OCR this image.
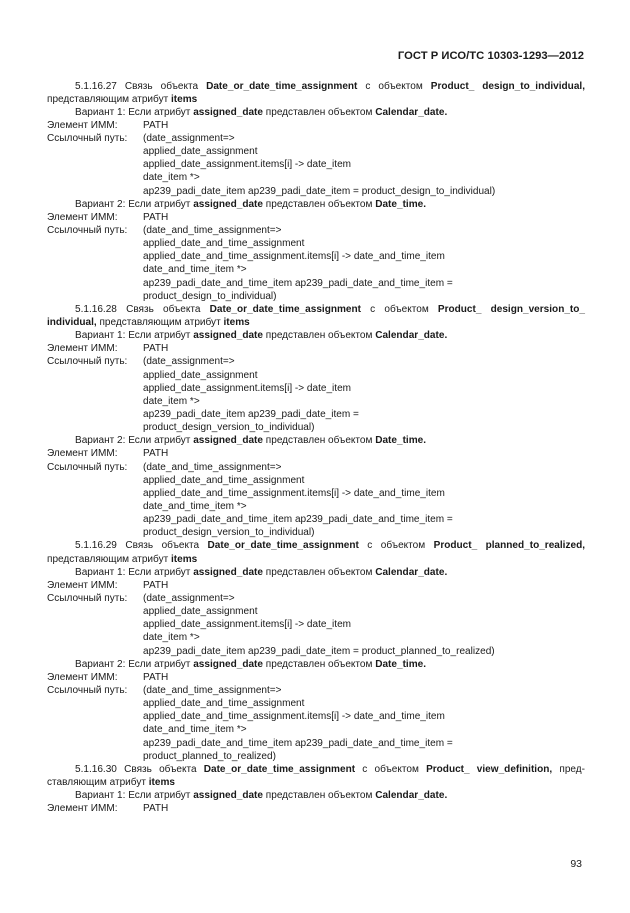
ГОСТ Р ИСО/ТС 10303-1293—2012
5.1.16.27 Связь объекта Date_or_date_time_assignment с объектом Product_ design_to_individual,
представляющим атрибут items
Вариант 1: Если атрибут assigned_date представлен объектом Calendar_date.
Элемент ИММ:	PATH
Ссылочный путь: (date_assignment=>
applied_date_assignment
applied_date_assignment.items[i] -> date_item
date_item *>
ap239_padi_date_item ap239_padi_date_item = product_design_to_individual)
Вариант 2: Если атрибут assigned_date представлен объектом Date_time.
Элемент ИММ:	PATH
Ссылочный путь: (date_and_time_assignment=>
applied_date_and_time_assignment
applied_date_and_time_assignment.items[i] -> date_and_time_item
date_and_time_item *>
ap239_padi_date_and_time_item ap239_padi_date_and_time_item =
product_design_to_individual)
5.1.16.28 Связь объекта Date_or_date_time_assignment с объектом Product_ design_version_to_
individual, представляющим атрибут items
Вариант 1: Если атрибут assigned_date представлен объектом Calendar_date.
Элемент ИММ:	PATH
Ссылочный путь: (date_assignment=>
applied_date_assignment
applied_date_assignment.items[i] -> date_item
date_item *>
ap239_padi_date_item ap239_padi_date_item =
product_design_version_to_individual)
Вариант 2: Если атрибут assigned_date представлен объектом Date_time.
Элемент ИММ:	PATH
Ссылочный путь: (date_and_time_assignment=>
applied_date_and_time_assignment
applied_date_and_time_assignment.items[i] -> date_and_time_item
date_and_time_item *>
ap239_padi_date_and_time_item ap239_padi_date_and_time_item =
product_design_version_to_individual)
5.1.16.29 Связь объекта Date_or_date_time_assignment с объектом Product_ planned_to_realized,
представляющим атрибут items
Вариант 1: Если атрибут assigned_date представлен объектом Calendar_date.
Элемент ИММ:	PATH
Ссылочный путь: (date_assignment=>
applied_date_assignment
applied_date_assignment.items[i] -> date_item
date_item *>
ap239_padi_date_item ap239_padi_date_item = product_planned_to_realized)
Вариант 2: Если атрибут assigned_date представлен объектом Date_time.
Элемент ИММ:	PATH
Ссылочный путь: (date_and_time_assignment=>
applied_date_and_time_assignment
applied_date_and_time_assignment.items[i] -> date_and_time_item
date_and_time_item *>
ap239_padi_date_and_time_item ap239_padi_date_and_time_item =
product_planned_to_realized)
5.1.16.30 Связь объекта Date_or_date_time_assignment с объектом Product_ view_definition, пред-
ставляющим атрибут items
Вариант 1: Если атрибут assigned_date представлен объектом Calendar_date.
Элемент ИММ:	PATH
93
